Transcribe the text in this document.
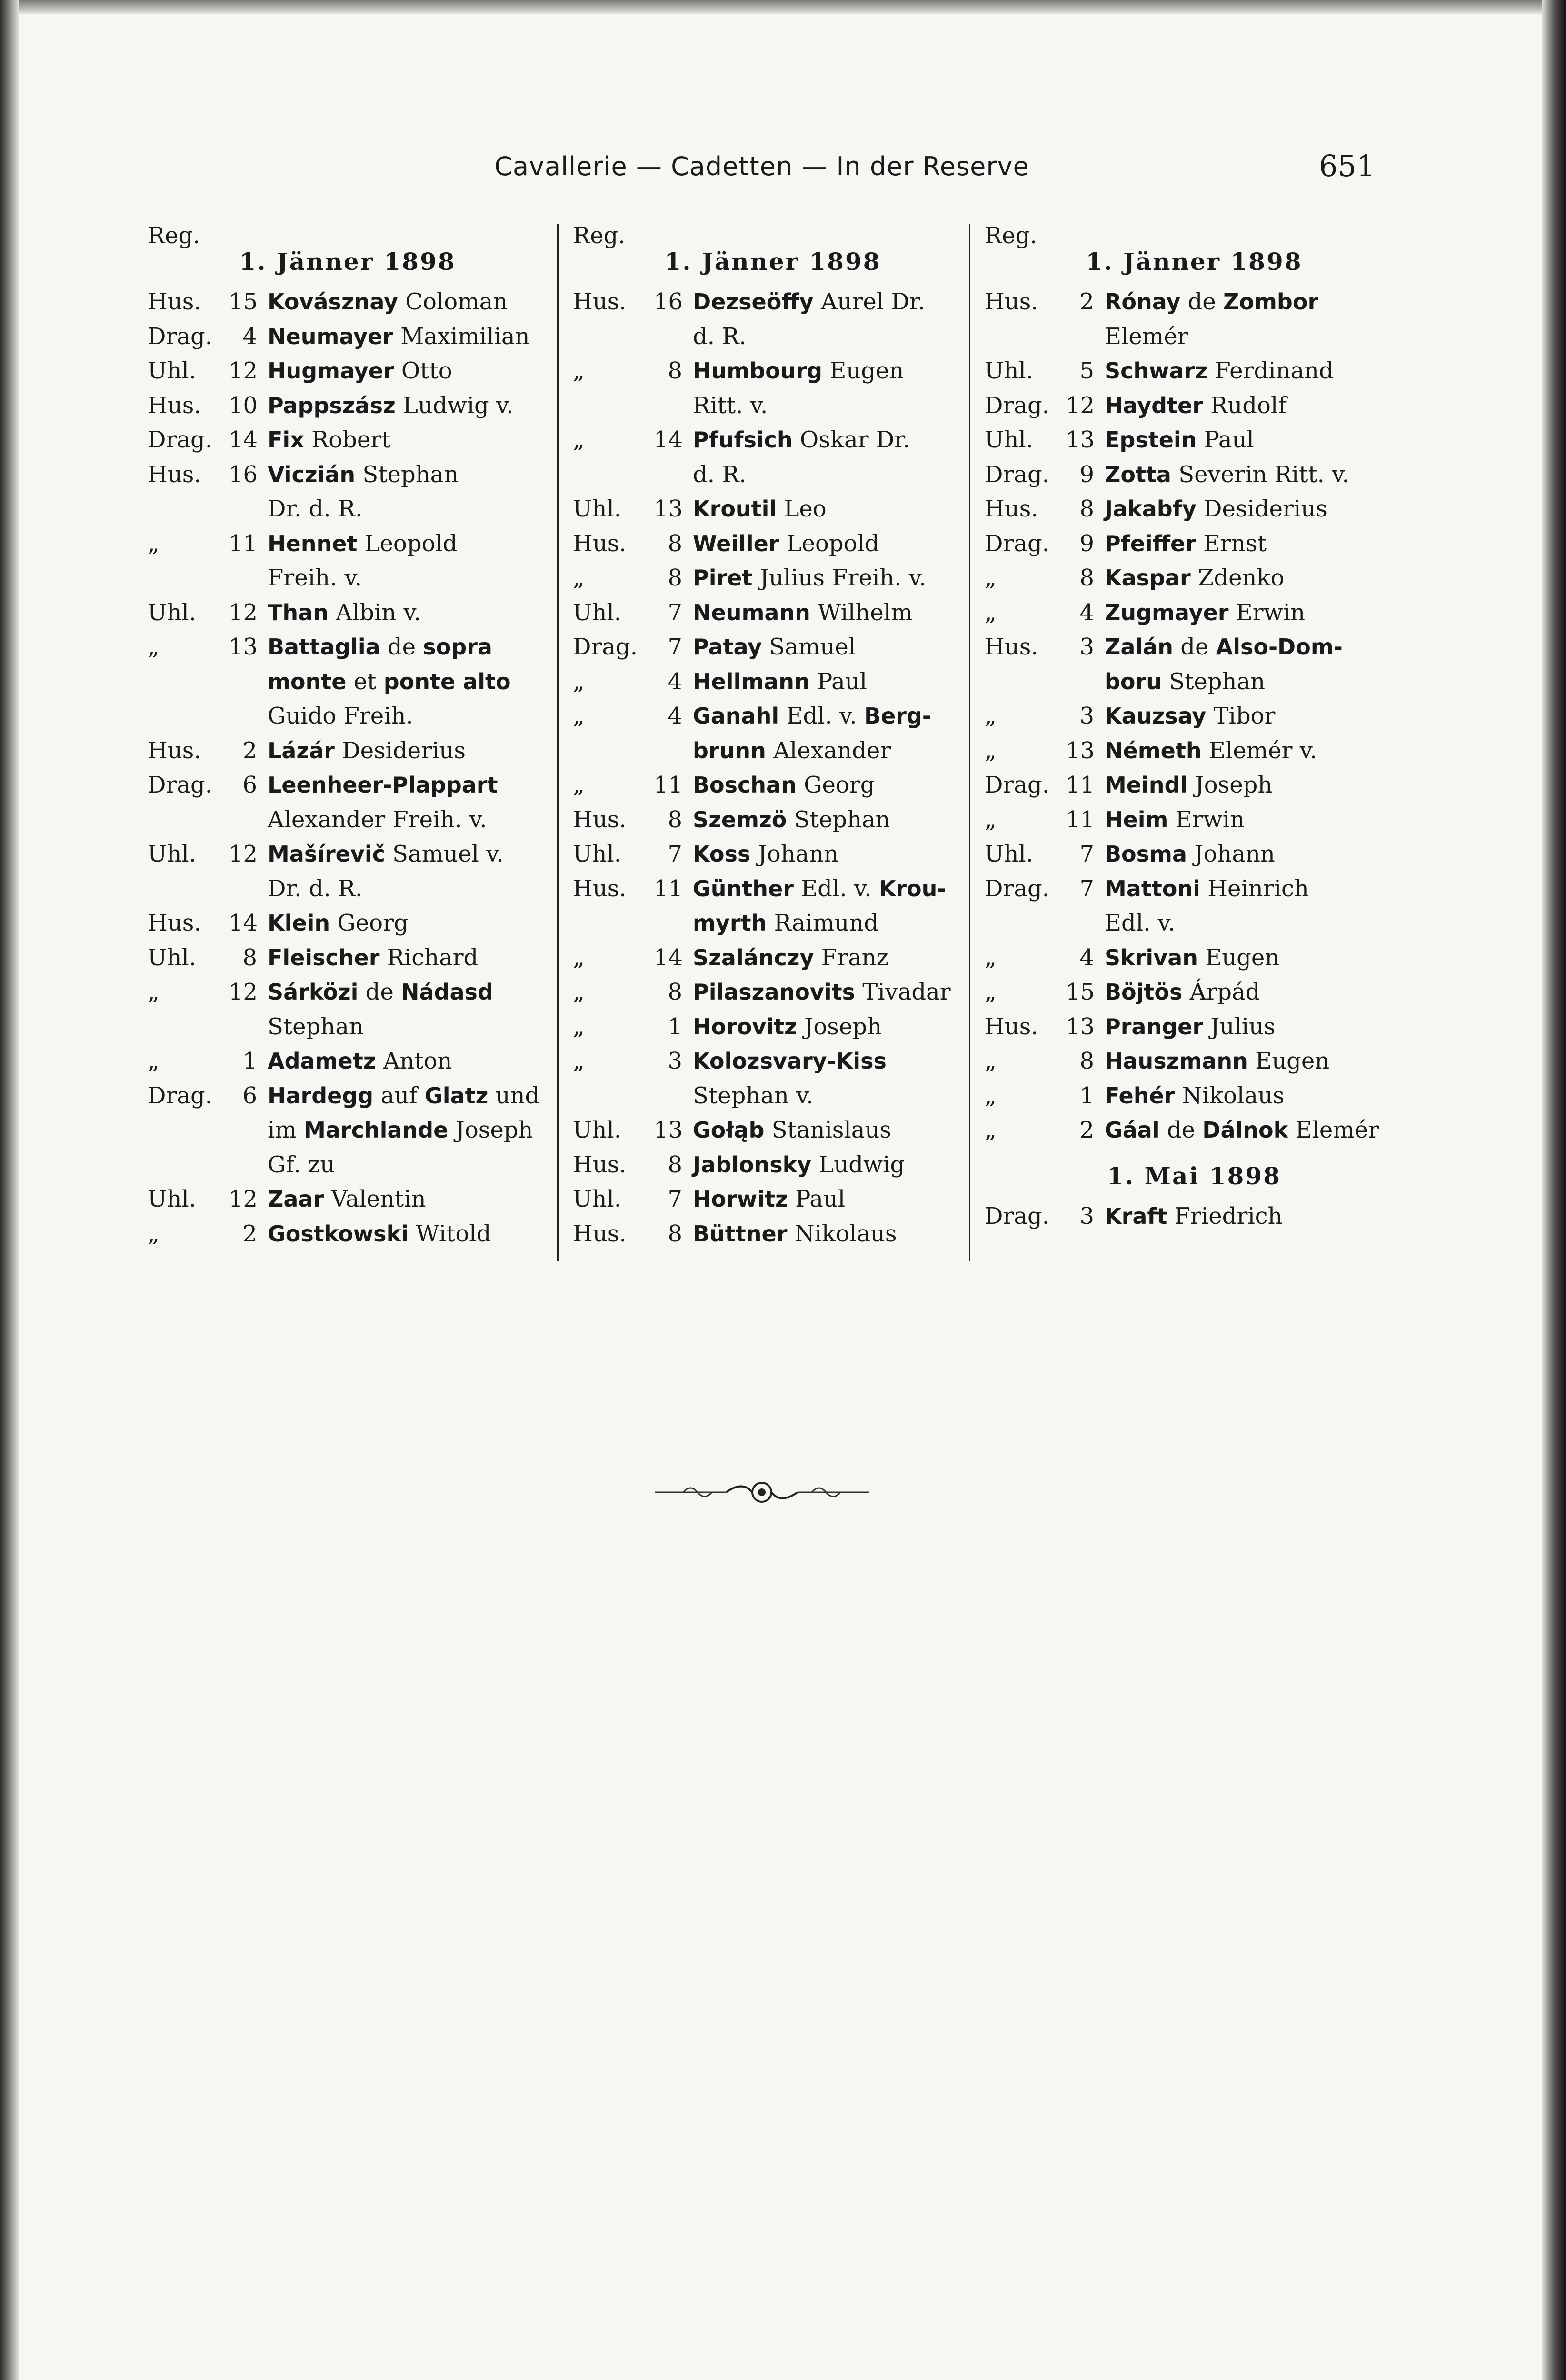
Cavallerie — Cadetten — In der Reserve	651
Reg.
1. Jänner 1898
Hus.	15 Kovásznay Coloman
Drag.	4 Neumayer Maximilian
Uhl.	12 Hugmayer Otto
Hus.	10 Pappszász Ludwig v.
Drag. 14 Fix Robert
Hus.	16 Viczián Stephan
Dr. d. R.
„	11 Hennet Leopold
Freih. v.
Uhl.	12 Than Albin v.
„	13 Battaglia de sopra
monte et ponte alto
Guido Freih.
Hus.	2 Lázár Desiderius
Drag.	6 Leenheer-Plappart
Alexander Freih. v.
Uhl.	12 Mašírevič Samuel v.
Dr. d. R.
Hus.	14 Klein Georg
Uhl.	8 Fleischer Richard
„	12 Sárközi de Nádasd
Stephan
„	1 Adametz Anton
Drag.	6 Hardegg auf Glatz und
im Marchlande Joseph
Gf. zu
Uhl.	12 Zaar Valentin
„	2 Gostkowski Witold
Reg.
1. Jänner 1898
Hus.	16 Dezseöffy Aurel Dr.
d. R.
„	8 Humbourg Eugen
Ritt. v.
„	14 Pfufsich Oskar Dr.
d. R.
Uhl.	13 Kroutil Leo
Hus.	8 Weiller Leopold
„	8 Piret Julius Freih. v.
Uhl.	7 Neumann Wilhelm
Drag.	7 Patay Samuel
„	4 Hellmann Paul
„	4 Ganahl Edl. v. Berg-
brunn Alexander
„	11 Boschan Georg
Hus.	8 Szemzö Stephan
Uhl.	7 Koss Johann
Hus.	11 Günther Edl. v. Krou-
myrth Raimund
„	14 Szalánczy Franz
„	8 Pilaszanovits Tivadar
„	1 Horovitz Joseph
„	3 Kolozsvary-Kiss
Stephan v.
Uhl.	13 Gołąb Stanislaus
Hus.	8 Jablonsky Ludwig
Uhl.	7 Horwitz Paul
Hus.	8 Büttner Nikolaus
Reg.
1. Jänner 1898
Hus.	2 Rónay de Zombor
Elemér
Uhl.	5 Schwarz Ferdinand
Drag. 12 Haydter Rudolf
Uhl.	13 Epstein Paul
Drag.	9 Zotta Severin Ritt. v.
Hus.	8 Jakabfy Desiderius
Drag.	9 Pfeiffer Ernst
„	8 Kaspar Zdenko
„	4 Zugmayer Erwin
Hus.	3 Zalán de Also-Dom-
boru Stephan
„	3 Kauzsay Tibor
„	13 Németh Elemér v.
Drag. 11 Meindl Joseph
„	11 Heim Erwin
Uhl.	7 Bosma Johann
Drag.	7 Mattoni Heinrich
Edl. v.
„	4 Skrivan Eugen
„	15 Böjtös Árpád
Hus.	13 Pranger Julius
„	8 Hauszmann Eugen
„	1 Fehér Nikolaus
„	2 Gáal de Dálnok Elemér
1. Mai 1898
Drag.	3 Kraft Friedrich
